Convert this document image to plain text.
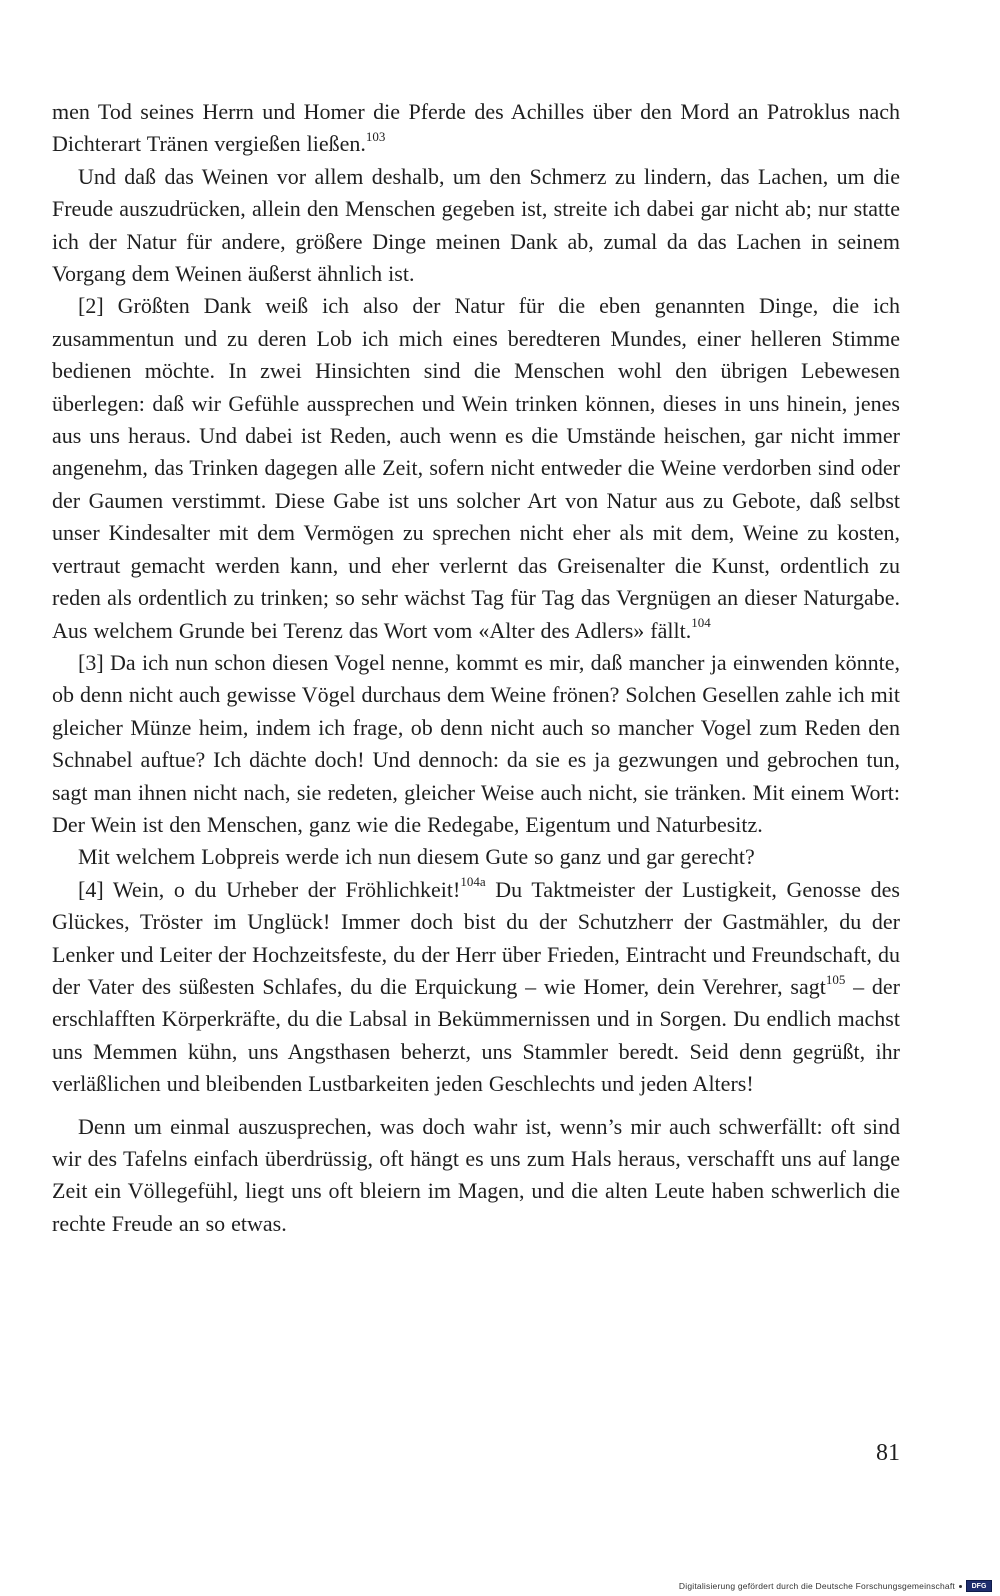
men Tod seines Herrn und Homer die Pferde des Achilles über den Mord an Patroklus nach Dichterart Tränen vergießen ließen.$^{103}$

Und daß das Weinen vor allem deshalb, um den Schmerz zu lindern, das Lachen, um die Freude auszudrücken, allein den Menschen gegeben ist, streite ich dabei gar nicht ab; nur statte ich der Natur für andere, größere Dinge meinen Dank ab, zumal da das Lachen in seinem Vorgang dem Weinen äußerst ähnlich ist.

[2] Größten Dank weiß ich also der Natur für die eben genannten Dinge, die ich zusammentun und zu deren Lob ich mich eines beredteren Mundes, einer helleren Stimme bedienen möchte. In zwei Hinsichten sind die Menschen wohl den übrigen Lebewesen überlegen: daß wir Gefühle aussprechen und Wein trinken können, dieses in uns hinein, jenes aus uns heraus. Und dabei ist Reden, auch wenn es die Umstände heischen, gar nicht immer angenehm, das Trinken dagegen alle Zeit, sofern nicht entweder die Weine verdorben sind oder der Gaumen verstimmt. Diese Gabe ist uns solcher Art von Natur aus zu Gebote, daß selbst unser Kindesalter mit dem Vermögen zu sprechen nicht eher als mit dem, Weine zu kosten, vertraut gemacht werden kann, und eher verlernt das Greisenalter die Kunst, ordentlich zu reden als ordentlich zu trinken; so sehr wächst Tag für Tag das Vergnügen an dieser Naturgabe. Aus welchem Grunde bei Terenz das Wort vom «Alter des Adlers» fällt.$^{104}$

[3] Da ich nun schon diesen Vogel nenne, kommt es mir, daß mancher ja einwenden könnte, ob denn nicht auch gewisse Vögel durchaus dem Weine frönen? Solchen Gesellen zahle ich mit gleicher Münze heim, indem ich frage, ob denn nicht auch so mancher Vogel zum Reden den Schnabel auftue? Ich dächte doch! Und dennoch: da sie es ja gezwungen und gebrochen tun, sagt man ihnen nicht nach, sie redeten, gleicher Weise auch nicht, sie tränken. Mit einem Wort: Der Wein ist den Menschen, ganz wie die Redegabe, Eigentum und Naturbesitz.

Mit welchem Lobpreis werde ich nun diesem Gute so ganz und gar gerecht?

[4] Wein, o du Urheber der Fröhlichkeit!$^{104a}$ Du Taktmeister der Lustigkeit, Genosse des Glückes, Tröster im Unglück! Immer doch bist du der Schutzherr der Gastmähler, du der Lenker und Leiter der Hochzeitsfeste, du der Herr über Frieden, Eintracht und Freundschaft, du der Vater des süßesten Schlafes, du die Erquickung – wie Homer, dein Verehrer, sagt$^{105}$ – der erschlafften Körperkräfte, du die Labsal in Bekümmernissen und in Sorgen. Du endlich machst uns Memmen kühn, uns Angsthasen beherzt, uns Stammler beredt. Seid denn gegrüßt, ihr verläßlichen und bleibenden Lustbarkeiten jeden Geschlechts und jeden Alters!

Denn um einmal auszusprechen, was doch wahr ist, wenn’s mir auch schwerfällt: oft sind wir des Tafelns einfach überdrüssig, oft hängt es uns zum Hals heraus, verschafft uns auf lange Zeit ein Völlegefühl, liegt uns oft bleiern im Magen, und die alten Leute haben schwerlich die rechte Freude an so etwas.

81
Digitalisierung gefördert durch die Deutsche Forschungsgemeinschaft	DFG
